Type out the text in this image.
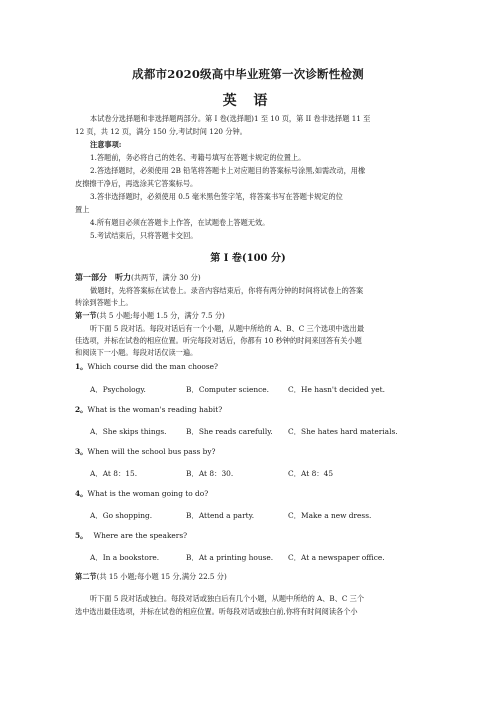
成都市2020级高中毕业班第一次诊断性检测
英 语
本试卷分选择题和非选择题两部分。第 I 卷(选择题)1 至 10 页，第 II 卷非选择题 11 至
12 页，共 12 页，满分 150 分,考试时间 120 分钟。
注意事项:
1.答题前，务必将自己的姓名、考籍号填写在答题卡规定的位置上。
2.答选择题时，必须使用 2B 铅笔将答题卡上对应题目的答案标号涂黑,如需改动，用橡
皮擦擦干净后，再选涂其它答案标号。
3.答非选择题时，必须使用 0.5 毫米黑色签字笔，将答案书写在答题卡规定的位
置上
4.所有题目必须在答题卡上作答，在试题卷上答题无效。
5.考试结束后，只将答题卡交回。
第 I 卷(100 分)
第一部分　听力(共两节，满分 30 分)
做题时，先将答案标在试卷上。录音内容结束后，你将有两分钟的时间将试卷上的答案
转涂到答题卡上。
第一节(共 5 小题;每小题 1.5 分，满分 7.5 分)
听下面 5 段对话。每段对话后有一个小题，从题中所给的 A、B、C 三个选项中选出最
佳选项，并标在试卷的相应位置。听完每段对话后，你都有 10 秒钟的时间来回答有关小题
和阅读下一小题。每段对话仅读一遍。
1。Which course did the man choose?
A．Psychology.	B．Computer science.	C．He hasn't decided yet.
2。What is the woman's reading habit?
A．She skips things.	B．She reads carefully. C．She hates hard materials.
3。When will the school bus pass by?
A．At 8：15.	B．At 8：30.	C．At 8：45
4。What is the woman going to do?
A．Go shopping.	B．Attend a party.	C．Make a new dress.
5。 Where are the speakers?
A．In a bookstore.	B．At a printing house. C．At a newspaper office.
第二节(共 15 小题;每小题 15 分,满分 22.5 分)
听下面 5 段对话或独白。每段对话或独白后有几个小题，从题中所给的 A、B、C 三个
选中选出最佳选项，并标在试卷的相应位置。听每段对话或独白前,你将有时间阅读各个小
